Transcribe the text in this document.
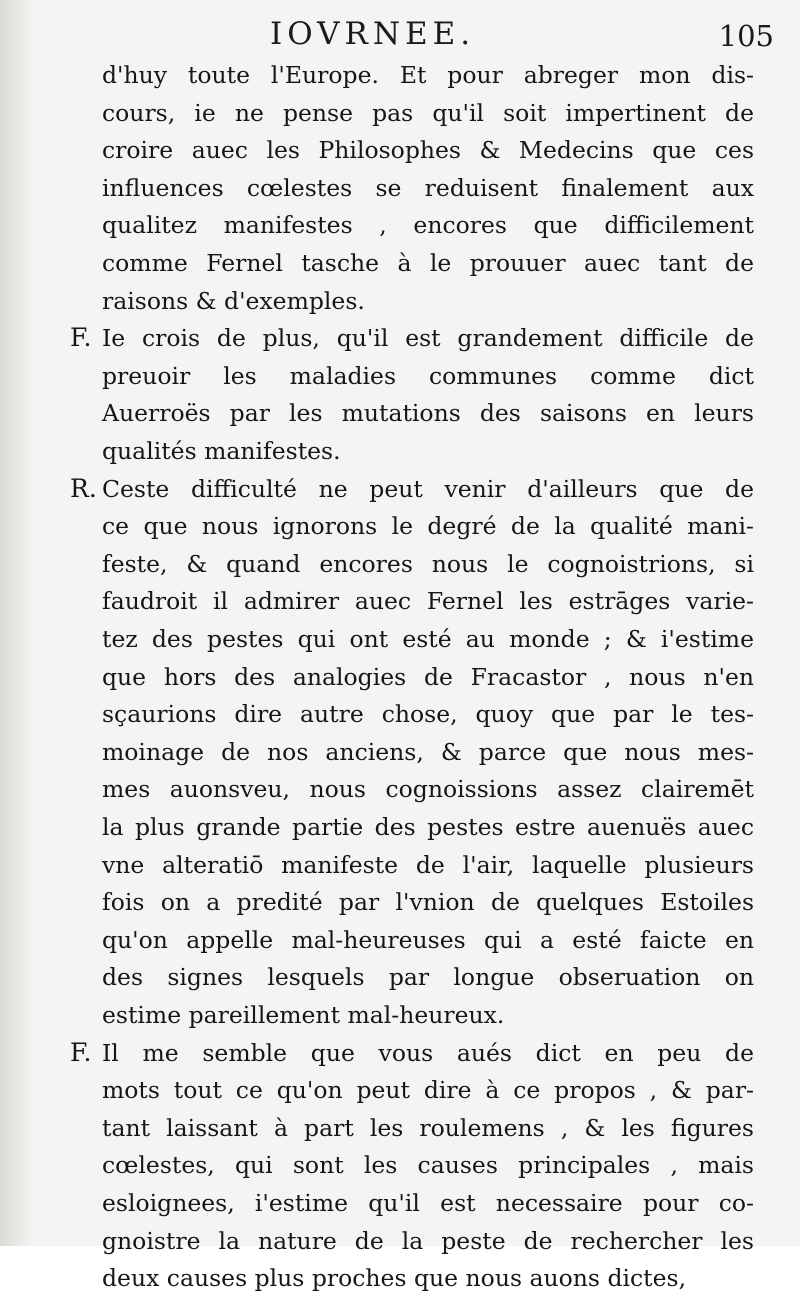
IOVRNEE.	105
d'huy toute l'Europe. Et pour abreger mon dis-
cours, ie ne pense pas qu'il soit impertinent de
croire auec les Philosophes & Medecins que ces
influences cœlestes se reduisent finalement aux
qualitez manifestes , encores que difficilement
comme Fernel tasche à le prouuer auec tant de
raisons & d'exemples.
F. Ie crois de plus, qu'il est grandement difficile de
preuoir les maladies communes comme dict
Auerroës par les mutations des saisons en leurs
qualités manifestes.
R. Ceste difficulté ne peut venir d'ailleurs que de
ce que nous ignorons le degré de la qualité mani-
feste, & quand encores nous le cognoistrions, si
faudroit il admirer auec Fernel les estrāges varie-
tez des pestes qui ont esté au monde ; & i'estime
que hors des analogies de Fracastor , nous n'en
sçaurions dire autre chose, quoy que par le tes-
moinage de nos anciens, & parce que nous mes-
mes auonsveu, nous cognoissions assez clairemēt
la plus grande partie des pestes estre auenuës auec
vne alteratiō manifeste de l'air, laquelle plusieurs
fois on a predité par l'vnion de quelques Estoiles
qu'on appelle mal-heureuses qui a esté faicte en
des signes lesquels par longue obseruation on
estime pareillement mal-heureux.
F. Il me semble que vous aués dict en peu de
mots tout ce qu'on peut dire à ce propos , & par-
tant laissant à part les roulemens , & les figures
cœlestes, qui sont les causes principales , mais
esloignees, i'estime qu'il est necessaire pour co-
gnoistre la nature de la peste de rechercher les
deux causes plus proches que nous auons dictes,
